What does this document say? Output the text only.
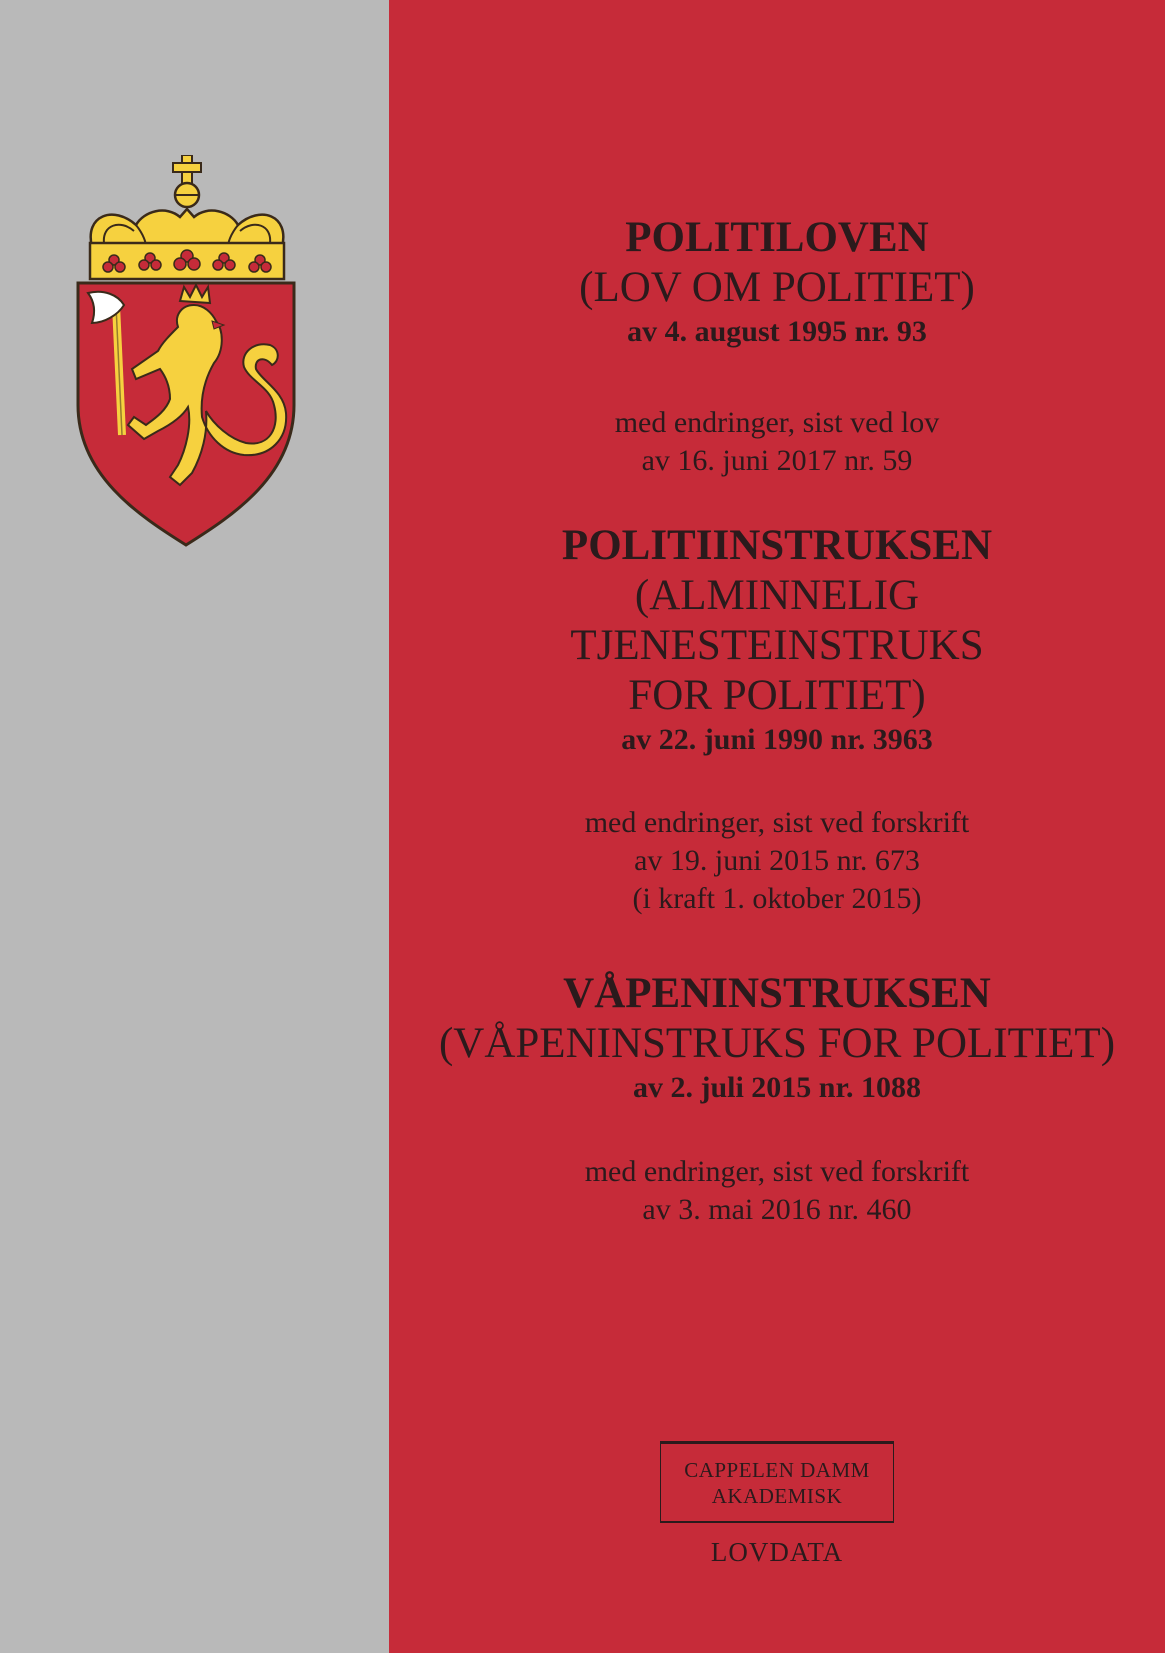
POLITILOVEN
(LOV OM POLITIET)
av 4. august 1995 nr. 93
med endringer, sist ved lov
av 16. juni 2017 nr. 59
POLITIINSTRUKSEN
(ALMINNELIG
TJENESTEINSTRUKS
FOR POLITIET)
av 22. juni 1990 nr. 3963
med endringer, sist ved forskrift
av 19. juni 2015 nr. 673
(i kraft 1. oktober 2015)
VÅPENINSTRUKSEN
(VÅPENINSTRUKS FOR POLITIET)
av 2. juli 2015 nr. 1088
med endringer, sist ved forskrift
av 3. mai 2016 nr. 460
CAPPELEN DAMM
AKADEMISK
LOVDATA
